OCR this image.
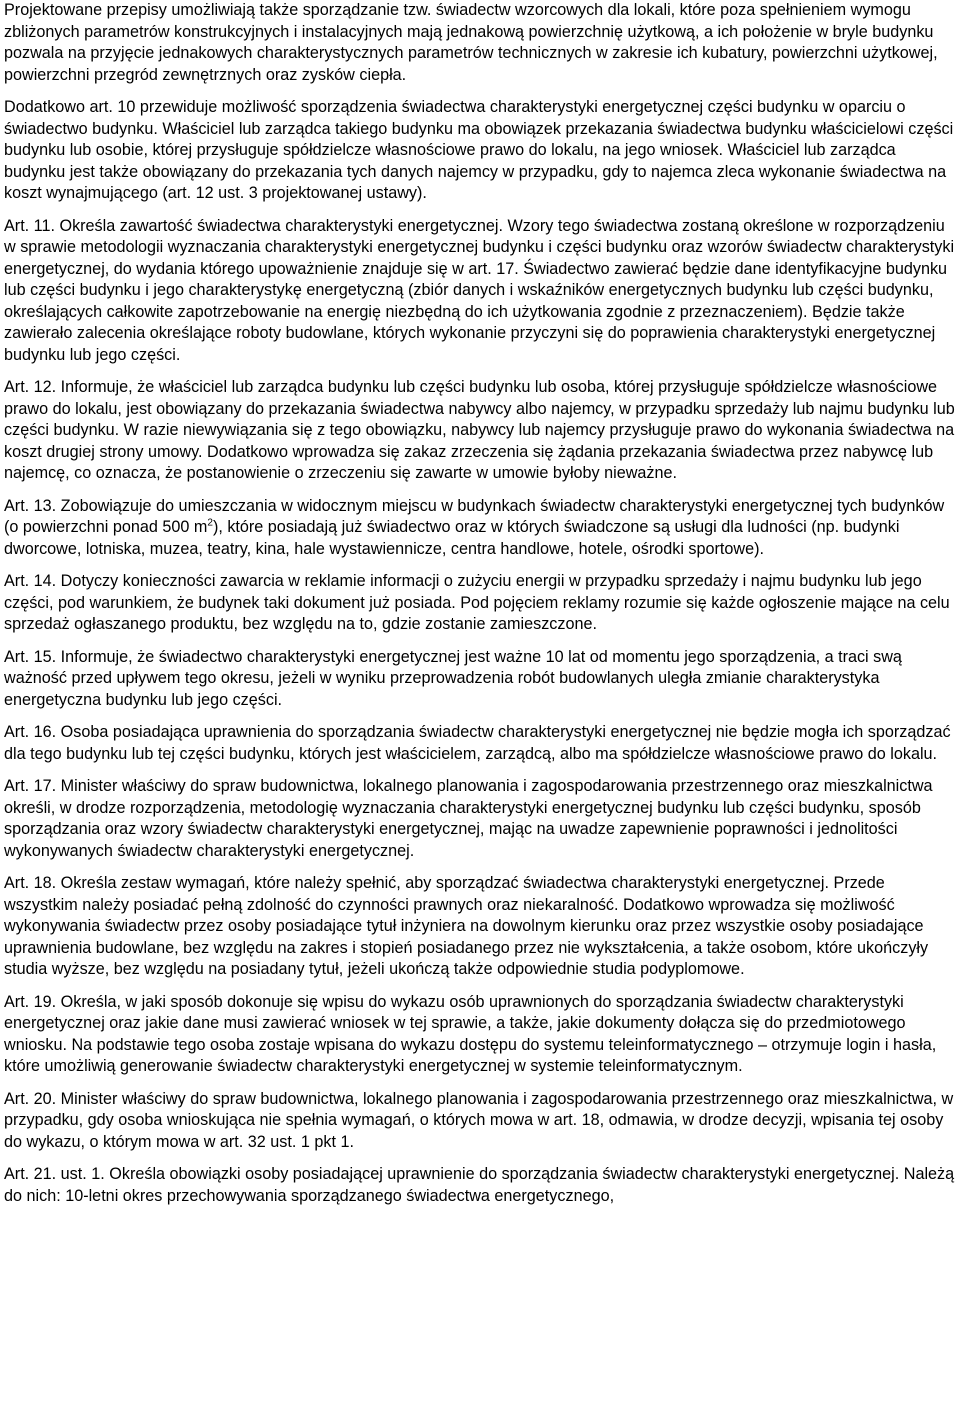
Projektowane przepisy umożliwiają także sporządzanie tzw. świadectw wzorcowych dla lokali, które poza spełnieniem wymogu zbliżonych parametrów konstrukcyjnych i instalacyjnych mają jednakową powierzchnię użytkową, a ich położenie w bryle budynku pozwala na przyjęcie jednakowych charakterystycznych parametrów technicznych w zakresie ich kubatury, powierzchni użytkowej, powierzchni przegród zewnętrznych oraz zysków ciepła.

Dodatkowo art. 10 przewiduje możliwość sporządzenia świadectwa charakterystyki energetycznej części budynku w oparciu o świadectwo budynku. Właściciel lub zarządca takiego budynku ma obowiązek przekazania świadectwa budynku właścicielowi części budynku lub osobie, której przysługuje spółdzielcze własnościowe prawo do lokalu, na jego wniosek. Właściciel lub zarządca budynku jest także obowiązany do przekazania tych danych najemcy w przypadku, gdy to najemca zleca wykonanie świadectwa na koszt wynajmującego (art. 12 ust. 3 projektowanej ustawy).

Art. 11. Określa zawartość świadectwa charakterystyki energetycznej. Wzory tego świadectwa zostaną określone w rozporządzeniu w sprawie metodologii wyznaczania charakterystyki energetycznej budynku i części budynku oraz wzorów świadectw charakterystyki energetycznej, do wydania którego upoważnienie znajduje się w art. 17. Świadectwo zawierać będzie dane identyfikacyjne budynku lub części budynku i jego charakterystykę energetyczną (zbiór danych i wskaźników energetycznych budynku lub części budynku, określających całkowite zapotrzebowanie na energię niezbędną do ich użytkowania zgodnie z przeznaczeniem). Będzie także zawierało zalecenia określające roboty budowlane, których wykonanie przyczyni się do poprawienia charakterystyki energetycznej budynku lub jego części.

Art. 12. Informuje, że właściciel lub zarządca budynku lub części budynku lub osoba, której przysługuje spółdzielcze własnościowe prawo do lokalu, jest obowiązany do przekazania świadectwa nabywcy albo najemcy, w przypadku sprzedaży lub najmu budynku lub części budynku. W razie niewywiązania się z tego obowiązku, nabywcy lub najemcy przysługuje prawo do wykonania świadectwa na koszt drugiej strony umowy. Dodatkowo wprowadza się zakaz zrzeczenia się żądania przekazania świadectwa przez nabywcę lub najemcę, co oznacza, że postanowienie o zrzeczeniu się zawarte w umowie byłoby nieważne.

Art. 13. Zobowiązuje do umieszczania w widocznym miejscu w budynkach świadectw charakterystyki energetycznej tych budynków (o powierzchni ponad 500 $m^2$), które posiadają już świadectwo oraz w których świadczone są usługi dla ludności (np. budynki dworcowe, lotniska, muzea, teatry, kina, hale wystawiennicze, centra handlowe, hotele, ośrodki sportowe).

Art. 14. Dotyczy konieczności zawarcia w reklamie informacji o zużyciu energii w przypadku sprzedaży i najmu budynku lub jego części, pod warunkiem, że budynek taki dokument już posiada. Pod pojęciem reklamy rozumie się każde ogłoszenie mające na celu sprzedaż ogłaszanego produktu, bez względu na to, gdzie zostanie zamieszczone.

Art. 15. Informuje, że świadectwo charakterystyki energetycznej jest ważne 10 lat od momentu jego sporządzenia, a traci swą ważność przed upływem tego okresu, jeżeli w wyniku przeprowadzenia robót budowlanych uległa zmianie charakterystyka energetyczna budynku lub jego części.

Art. 16. Osoba posiadająca uprawnienia do sporządzania świadectw charakterystyki energetycznej nie będzie mogła ich sporządzać dla tego budynku lub tej części budynku, których jest właścicielem, zarządcą, albo ma spółdzielcze własnościowe prawo do lokalu.

Art. 17. Minister właściwy do spraw budownictwa, lokalnego planowania i zagospodarowania przestrzennego oraz mieszkalnictwa określi, w drodze rozporządzenia, metodologię wyznaczania charakterystyki energetycznej budynku lub części budynku, sposób sporządzania oraz wzory świadectw charakterystyki energetycznej, mając na uwadze zapewnienie poprawności i jednolitości wykonywanych świadectw charakterystyki energetycznej.

Art. 18. Określa zestaw wymagań, które należy spełnić, aby sporządzać świadectwa charakterystyki energetycznej. Przede wszystkim należy posiadać pełną zdolność do czynności prawnych oraz niekaralność. Dodatkowo wprowadza się możliwość wykonywania świadectw przez osoby posiadające tytuł inżyniera na dowolnym kierunku oraz przez wszystkie osoby posiadające uprawnienia budowlane, bez względu na zakres i stopień posiadanego przez nie wykształcenia, a także osobom, które ukończyły studia wyższe, bez względu na posiadany tytuł, jeżeli ukończą także odpowiednie studia podyplomowe.

Art. 19. Określa, w jaki sposób dokonuje się wpisu do wykazu osób uprawnionych do sporządzania świadectw charakterystyki energetycznej oraz jakie dane musi zawierać wniosek w tej sprawie, a także, jakie dokumenty dołącza się do przedmiotowego wniosku. Na podstawie tego osoba zostaje wpisana do wykazu dostępu do systemu teleinformatycznego – otrzymuje login i hasła, które umożliwią generowanie świadectw charakterystyki energetycznej w systemie teleinformatycznym.

Art. 20. Minister właściwy do spraw budownictwa, lokalnego planowania i zagospodarowania przestrzennego oraz mieszkalnictwa, w przypadku, gdy osoba wnioskująca nie spełnia wymagań, o których mowa w art. 18, odmawia, w drodze decyzji, wpisania tej osoby do wykazu, o którym mowa w art. 32 ust. 1 pkt 1.

Art. 21. ust. 1. Określa obowiązki osoby posiadającej uprawnienie do sporządzania świadectw charakterystyki energetycznej. Należą do nich: 10-letni okres przechowywania sporządzanego świadectwa energetycznego,
